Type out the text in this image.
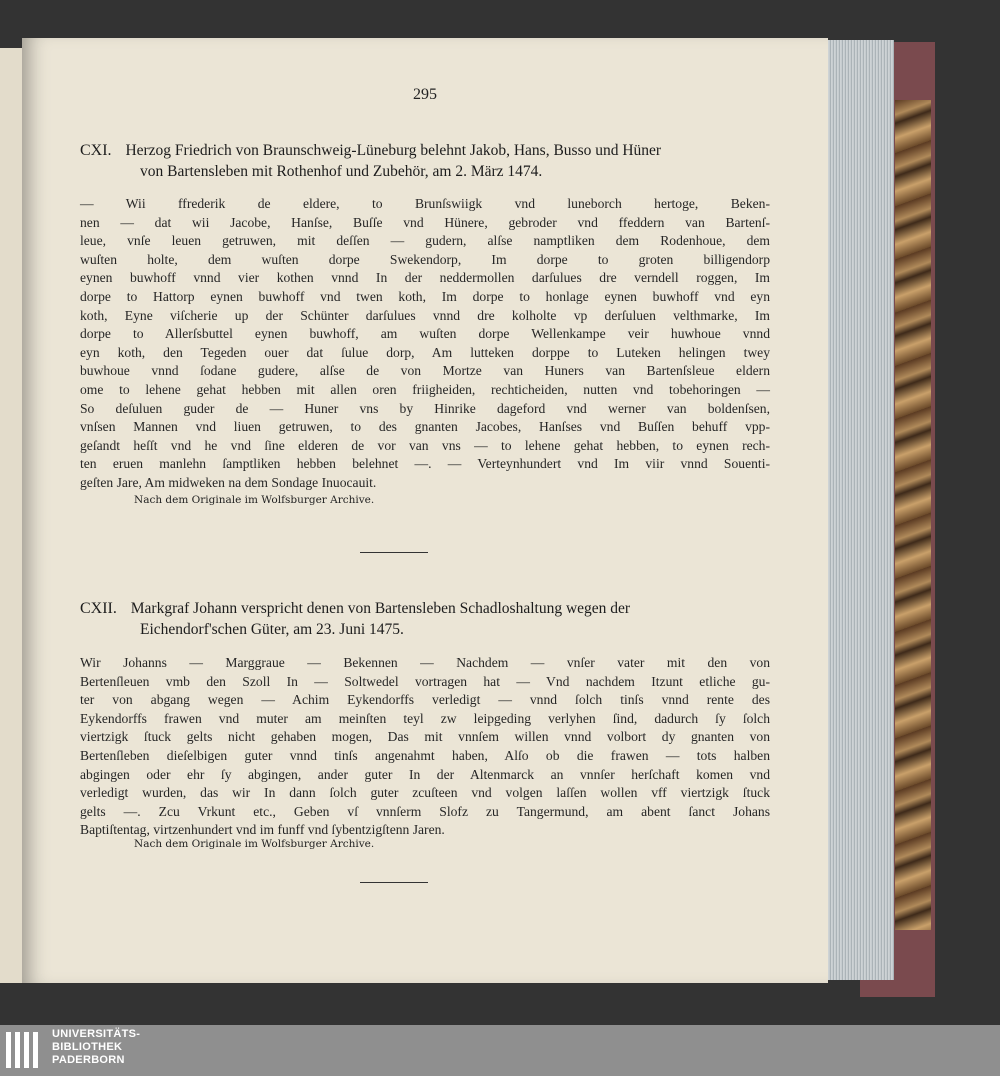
295
CXI. Herzog Friedrich von Braunschweig-Lüneburg belehnt Jakob, Hans, Busso und Hüner
von Bartensleben mit Rothenhof und Zubehör, am 2. März 1474.
— Wii ffrederik de eldere, to Brunſswiigk vnd luneborch hertoge, Beken-
nen — dat wii Jacobe, Hanſse, Buſſe vnd Hünere, gebroder vnd ffeddern van Bartenſ-
leue, vnſe leuen getruwen, mit deſſen — gudern, alſse namptliken dem Rodenhoue, dem
wuſten holte, dem wuſten dorpe Swekendorp, Im dorpe to groten billigendorp
eynen buwhoff vnnd vier kothen vnnd In der neddermollen darſulues dre verndell roggen, Im
dorpe to Hattorp eynen buwhoff vnd twen koth, Im dorpe to honlage eynen buwhoff vnd eyn
koth, Eyne viſcherie up der Schünter darſulues vnnd dre kolholte vp derſuluen velthmarke, Im
dorpe to Allerſsbuttel eynen buwhoff, am wuſten dorpe Wellenkampe veir huwhoue vnnd
eyn koth, den Tegeden ouer dat ſulue dorp, Am lutteken dorppe to Luteken helingen twey
buwhoue vnnd ſodane gudere, alſse de von Mortze van Huners van Bartenſsleue eldern
ome to lehene gehat hebben mit allen oren friigheiden, rechticheiden, nutten vnd tobehoringen —
So deſuluen guder de — Huner vns by Hinrike dageford vnd werner van boldenſsen,
vnſsen Mannen vnd liuen getruwen, to des gnanten Jacobes, Hanſses vnd Buſſen behuff vpp-
geſandt heſſt vnd he vnd ſine elderen de vor van vns — to lehene gehat hebben, to eynen rech-
ten eruen manlehn ſamptliken hebben belehnet —. — Verteynhundert vnd Im viir vnnd Souenti-
geſten Jare, Am midweken na dem Sondage Inuocauit.
Nach dem Originale im Wolfsburger Archive.
CXII. Markgraf Johann verspricht denen von Bartensleben Schadloshaltung wegen der
Eichendorf'schen Güter, am 23. Juni 1475.
Wir Johanns — Marggraue — Bekennen — Nachdem — vnſer vater mit den von
Bertenſleuen vmb den Szoll In — Soltwedel vortragen hat — Vnd nachdem Itzunt etliche gu-
ter von abgang wegen — Achim Eykendorffs verledigt — vnnd ſolch tinſs vnnd rente des
Eykendorffs frawen vnd muter am meinſten teyl zw leipgeding verlyhen ſind, dadurch ſy ſolch
viertzigk ſtuck gelts nicht gehaben mogen, Das mit vnnſem willen vnnd volbort dy gnanten von
Bertenſleben dieſelbigen guter vnnd tinſs angenahmt haben, Alſo ob die frawen — tots halben
abgingen oder ehr ſy abgingen, ander guter In der Altenmarck an vnnſer herſchaft komen vnd
verledigt wurden, das wir In dann ſolch guter zcuſteen vnd volgen laſſen wollen vff viertzigk ſtuck
gelts —. Zcu Vrkunt etc., Geben vſ vnnſerm Slofz zu Tangermund, am abent ſanct Johans
Baptiſtentag, virtzenhundert vnd im funff vnd ſybentzigſtenn Jaren.
Nach dem Originale im Wolfsburger Archive.
UNIVERSITÄTS-
BIBLIOTHEK
PADERBORN
